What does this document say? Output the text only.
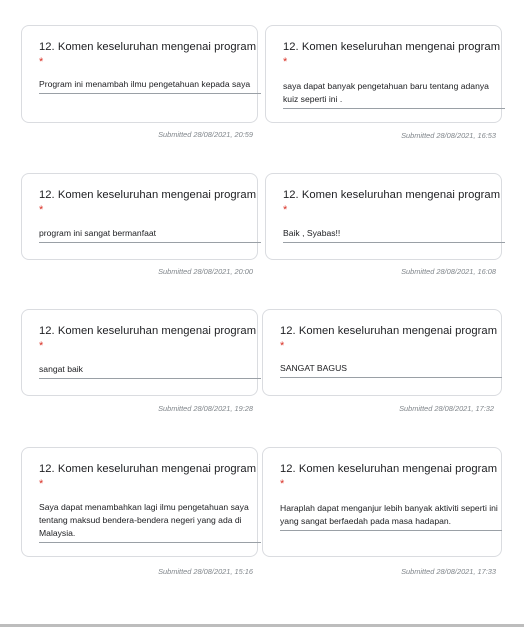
12. Komen keseluruhan mengenai program
*
Program ini menambah ilmu pengetahuan kepada saya
Submitted 28/08/2021, 20:59
12. Komen keseluruhan mengenai program
*
saya dapat banyak pengetahuan baru tentang adanya kuiz seperti ini .
Submitted 28/08/2021, 16:53
12. Komen keseluruhan mengenai program
*
program ini sangat bermanfaat
Submitted 28/08/2021, 20:00
12. Komen keseluruhan mengenai program
*
Baik , Syabas!!
Submitted 28/08/2021, 16:08
12. Komen keseluruhan mengenai program
*
sangat baik
Submitted 28/08/2021, 19:28
12. Komen keseluruhan mengenai program
*
SANGAT BAGUS
Submitted 28/08/2021, 17:32
12. Komen keseluruhan mengenai program
*
Saya dapat menambahkan lagi ilmu pengetahuan saya tentang maksud bendera-bendera negeri yang ada di Malaysia.
Submitted 28/08/2021, 15:16
12. Komen keseluruhan mengenai program
*
Haraplah dapat menganjur lebih banyak aktiviti seperti ini yang sangat berfaedah pada masa hadapan.
Submitted 28/08/2021, 17:33
